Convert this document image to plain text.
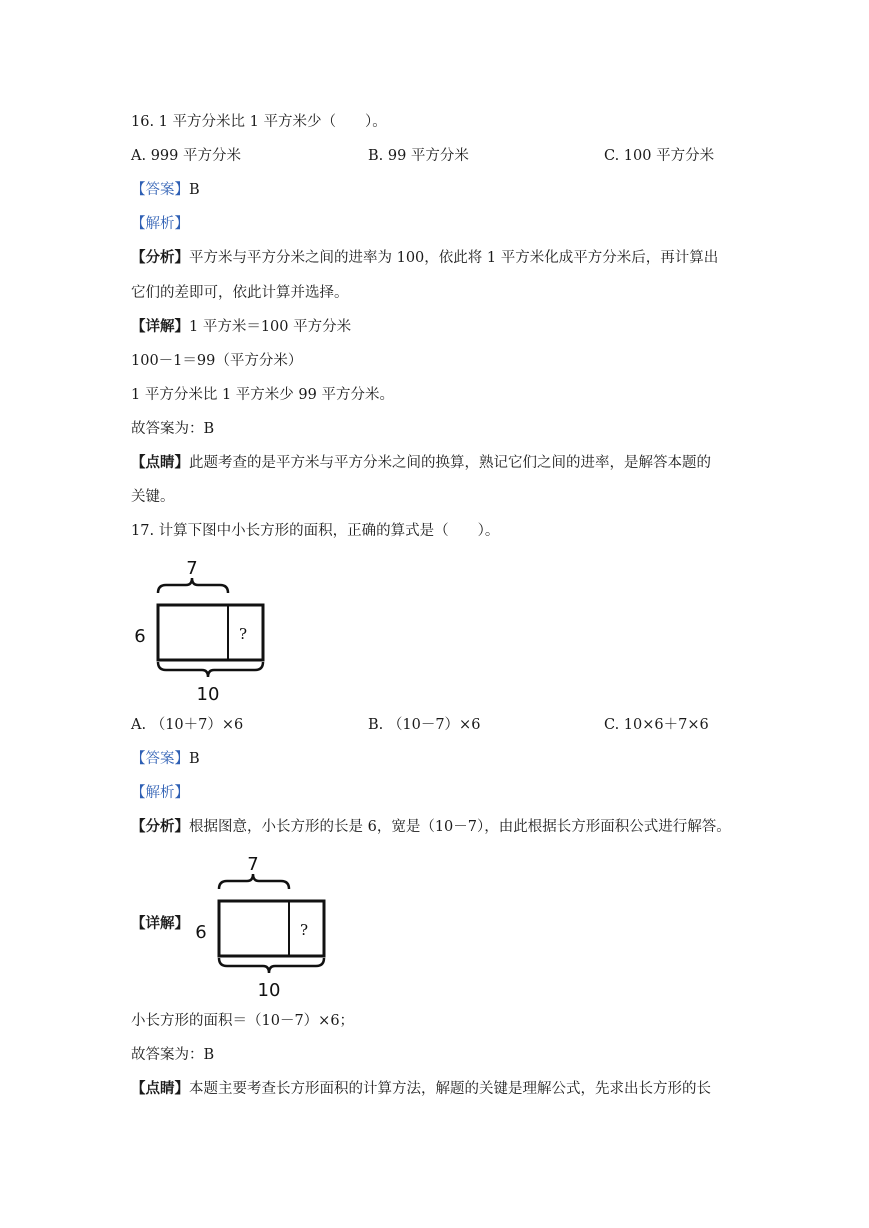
16. 1 平方分米比 1 平方米少（　　）。
A. 999 平方分米	B. 99 平方分米	C. 100 平方分米
【答案】B
【解析】
【分析】平方米与平方分米之间的进率为 100，依此将 1 平方米化成平方分米后，再计算出
它们的差即可，依此计算并选择。
【详解】1 平方米＝100 平方分米
100－1＝99（平方分米）
1 平方分米比 1 平方米少 99 平方分米。
故答案为：B
【点睛】此题考查的是平方米与平方分米之间的换算，熟记它们之间的进率，是解答本题的
关键。
17. 计算下图中小长方形的面积，正确的算式是（　　）。
7
?
6
10
A. （10＋7）×6	B. （10－7）×6	C. 10×6＋7×6
【答案】B
【解析】
【分析】根据图意，小长方形的长是 6，宽是（10－7），由此根据长方形面积公式进行解答。
【详解】
7
?
6
10
小长方形的面积＝（10－7）×6；
故答案为：B
【点睛】本题主要考查长方形面积的计算方法，解题的关键是理解公式，先求出长方形的长
